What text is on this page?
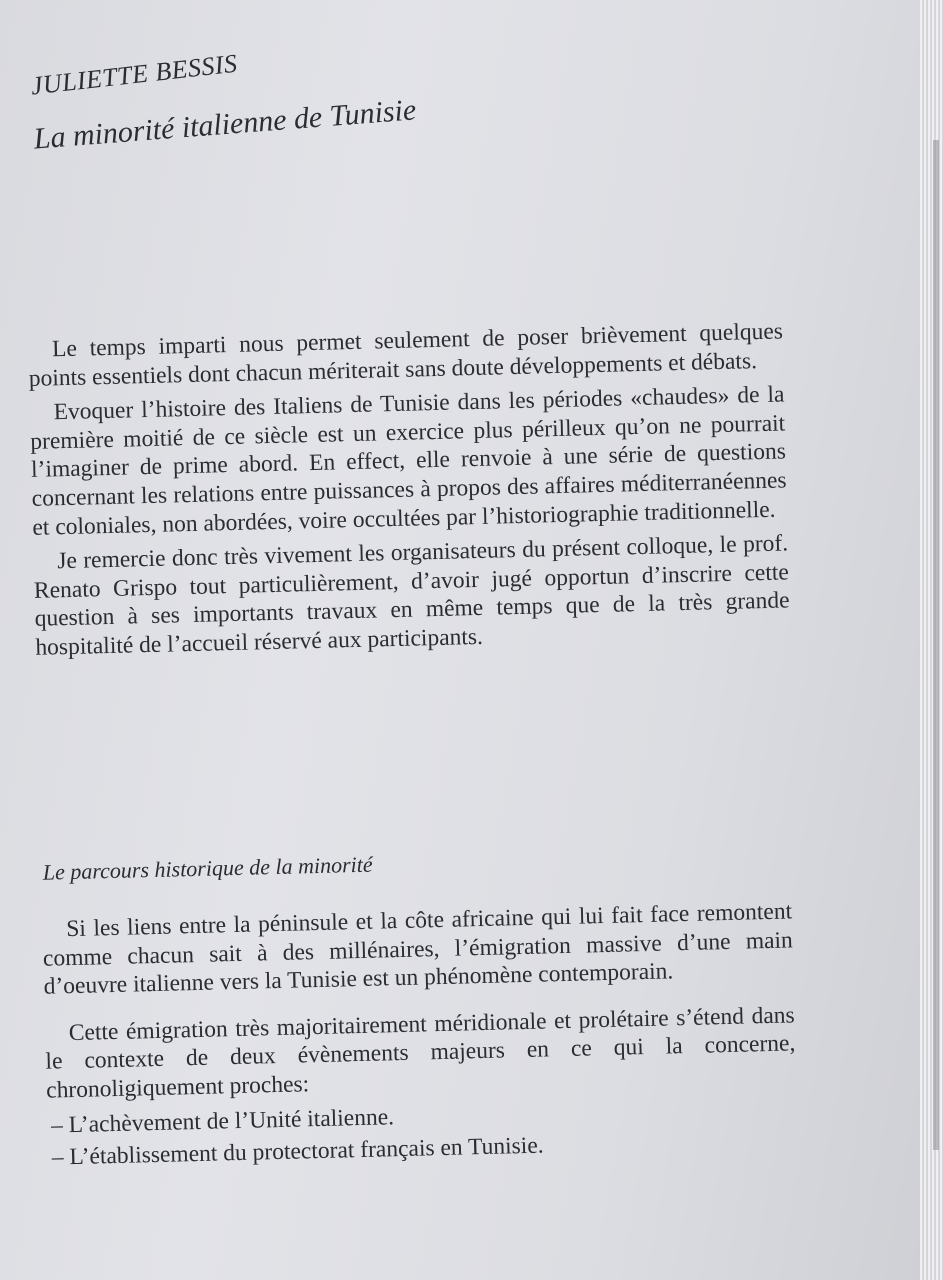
JULIETTE BESSIS
La minorité italienne de Tunisie

Le temps imparti nous permet seulement de poser brièvement quelques points essentiels dont chacun mériterait sans doute développements et débats.

Evoquer l’histoire des Italiens de Tunisie dans les périodes «chaudes» de la première moitié de ce siècle est un exercice plus périlleux qu’on ne pourrait l’imaginer de prime abord. En effect, elle renvoie à une série de questions concernant les relations entre puissances à propos des affaires méditerranéennes et coloniales, non abordées, voire occultées par l’historiographie traditionnelle.

Je remercie donc très vivement les organisateurs du présent colloque, le prof. Renato Grispo tout particulièrement, d’avoir jugé opportun d’inscrire cette question à ses importants travaux en même temps que de la très grande hospitalité de l’accueil réservé aux participants.

Le parcours historique de la minorité

Si les liens entre la péninsule et la côte africaine qui lui fait face remontent comme chacun sait à des millénaires, l’émigration massive d’une main d’oeuvre italienne vers la Tunisie est un phénomène contemporain.

Cette émigration très majoritairement méridionale et prolétaire s’étend dans le contexte de deux évènements majeurs en ce qui la concerne, chronoligiquement proches:

– L’achèvement de l’Unité italienne.
– L’établissement du protectorat français en Tunisie.
